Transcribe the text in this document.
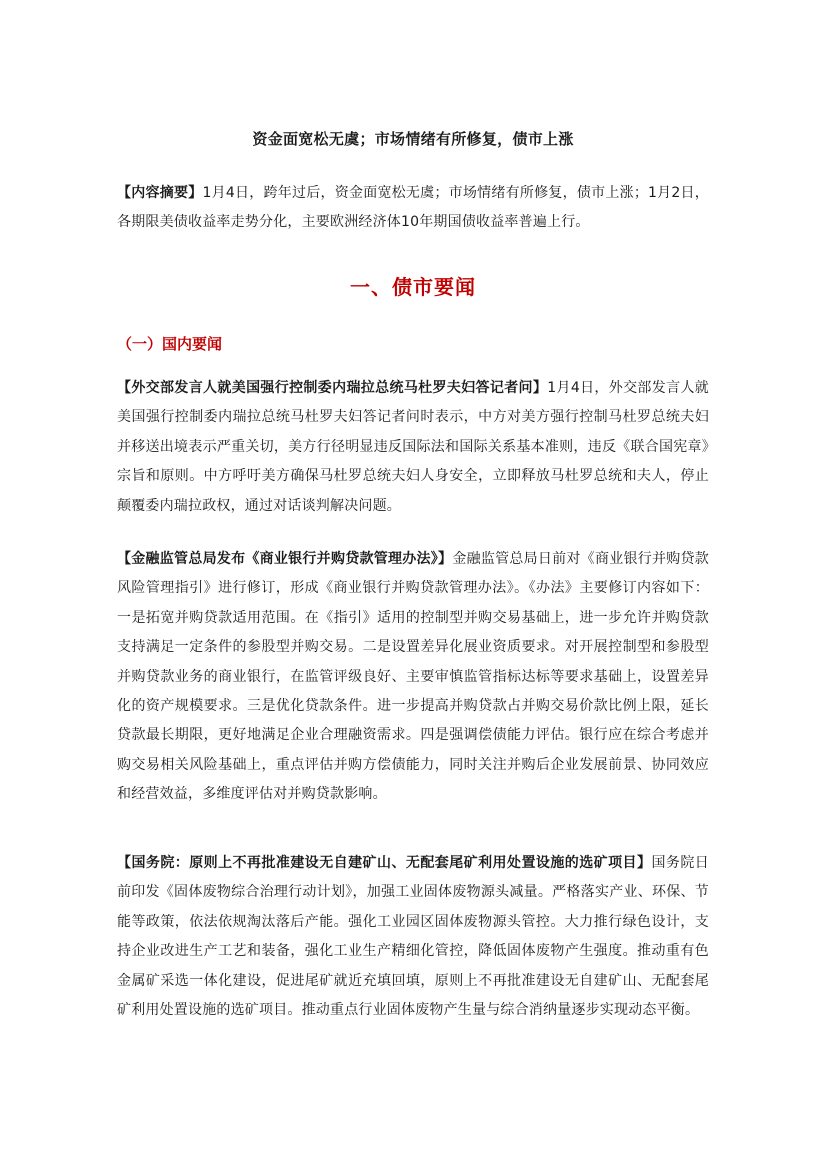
资金面宽松无虞；市场情绪有所修复，债市上涨

【内容摘要】1月4日，跨年过后，资金面宽松无虞；市场情绪有所修复，债市上涨；1月2日，各期限美债收益率走势分化，主要欧洲经济体10年期国债收益率普遍上行。

一、债市要闻
（一）国内要闻

【外交部发言人就美国强行控制委内瑞拉总统马杜罗夫妇答记者问】1月4日，外交部发言人就美国强行控制委内瑞拉总统马杜罗夫妇答记者问时表示，中方对美方强行控制马杜罗总统夫妇并移送出境表示严重关切，美方行径明显违反国际法和国际关系基本准则，违反《联合国宪章》宗旨和原则。中方呼吁美方确保马杜罗总统夫妇人身安全，立即释放马杜罗总统和夫人，停止颠覆委内瑞拉政权，通过对话谈判解决问题。

【金融监管总局发布《商业银行并购贷款管理办法》】金融监管总局日前对《商业银行并购贷款风险管理指引》进行修订，形成《商业银行并购贷款管理办法》。《办法》主要修订内容如下：一是拓宽并购贷款适用范围。在《指引》适用的控制型并购交易基础上，进一步允许并购贷款支持满足一定条件的参股型并购交易。二是设置差异化展业资质要求。对开展控制型和参股型并购贷款业务的商业银行，在监管评级良好、主要审慎监管指标达标等要求基础上，设置差异化的资产规模要求。三是优化贷款条件。进一步提高并购贷款占并购交易价款比例上限，延长贷款最长期限，更好地满足企业合理融资需求。四是强调偿债能力评估。银行应在综合考虑并购交易相关风险基础上，重点评估并购方偿债能力，同时关注并购后企业发展前景、协同效应和经营效益，多维度评估对并购贷款影响。

【国务院：原则上不再批准建设无自建矿山、无配套尾矿利用处置设施的选矿项目】国务院日前印发《固体废物综合治理行动计划》，加强工业固体废物源头减量。严格落实产业、环保、节能等政策，依法依规淘汰落后产能。强化工业园区固体废物源头管控。大力推行绿色设计，支持企业改进生产工艺和装备，强化工业生产精细化管控，降低固体废物产生强度。推动重有色金属矿采选一体化建设，促进尾矿就近充填回填，原则上不再批准建设无自建矿山、无配套尾矿利用处置设施的选矿项目。推动重点行业固体废物产生量与综合消纳量逐步实现动态平衡。
